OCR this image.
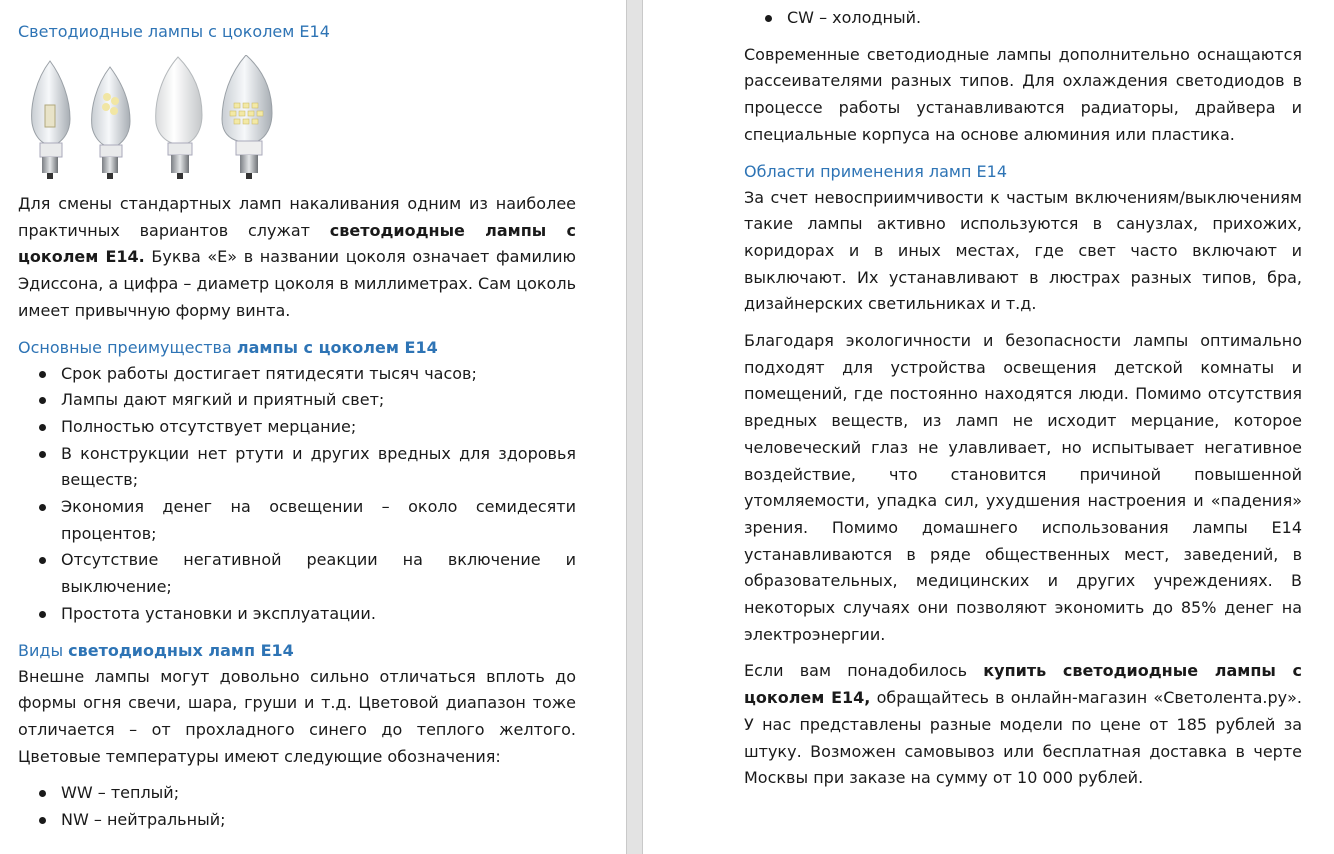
Светодиодные лампы с цоколем Е14

Для смены стандартных ламп накаливания одним из наиболее практичных вариантов служат светодиодные лампы с цоколем Е14. Буква «Е» в названии цоколя означает фамилию Эдиссона, а цифра – диаметр цоколя в миллиметрах. Сам цоколь имеет привычную форму винта.

Основные преимущества лампы с цоколем Е14
Срок работы достигает пятидесяти тысяч часов;
Лампы дают мягкий и приятный свет;
Полностью отсутствует мерцание;
В конструкции нет ртути и других вредных для здоровья веществ;
Экономия денег на освещении – около семидесяти процентов;
Отсутствие негативной реакции на включение и выключение;
Простота установки и эксплуатации.
Виды светодиодных ламп Е14

Внешне лампы могут довольно сильно отличаться вплоть до формы огня свечи, шара, груши и т.д. Цветовой диапазон тоже отличается – от прохладного синего до теплого желтого. Цветовые температуры имеют следующие обозначения:

WW – теплый;
NW – нейтральный;
CW – холодный.

Современные светодиодные лампы дополнительно оснащаются рассеивателями разных типов. Для охлаждения светодиодов в процессе работы устанавливаются радиаторы, драйвера и специальные корпуса на основе алюминия или пластика.

Области применения ламп Е14

За счет невосприимчивости к частым включениям/выключениям такие лампы активно используются в санузлах, прихожих, коридорах и в иных местах, где свет часто включают и выключают. Их устанавливают в люстрах разных типов, бра, дизайнерских светильниках и т.д.

Благодаря экологичности и безопасности лампы оптимально подходят для устройства освещения детской комнаты и помещений, где постоянно находятся люди. Помимо отсутствия вредных веществ, из ламп не исходит мерцание, которое человеческий глаз не улавливает, но испытывает негативное воздействие, что становится причиной повышенной утомляемости, упадка сил, ухудшения настроения и «падения» зрения. Помимо домашнего использования лампы Е14 устанавливаются в ряде общественных мест, заведений, в образовательных, медицинских и других учреждениях. В некоторых случаях они позволяют экономить до 85% денег на электроэнергии.

Если вам понадобилось купить светодиодные лампы с цоколем Е14, обращайтесь в онлайн-магазин «Светолента.ру». У нас представлены разные модели по цене от 185 рублей за штуку. Возможен самовывоз или бесплатная доставка в черте Москвы при заказе на сумму от 10 000 рублей.
